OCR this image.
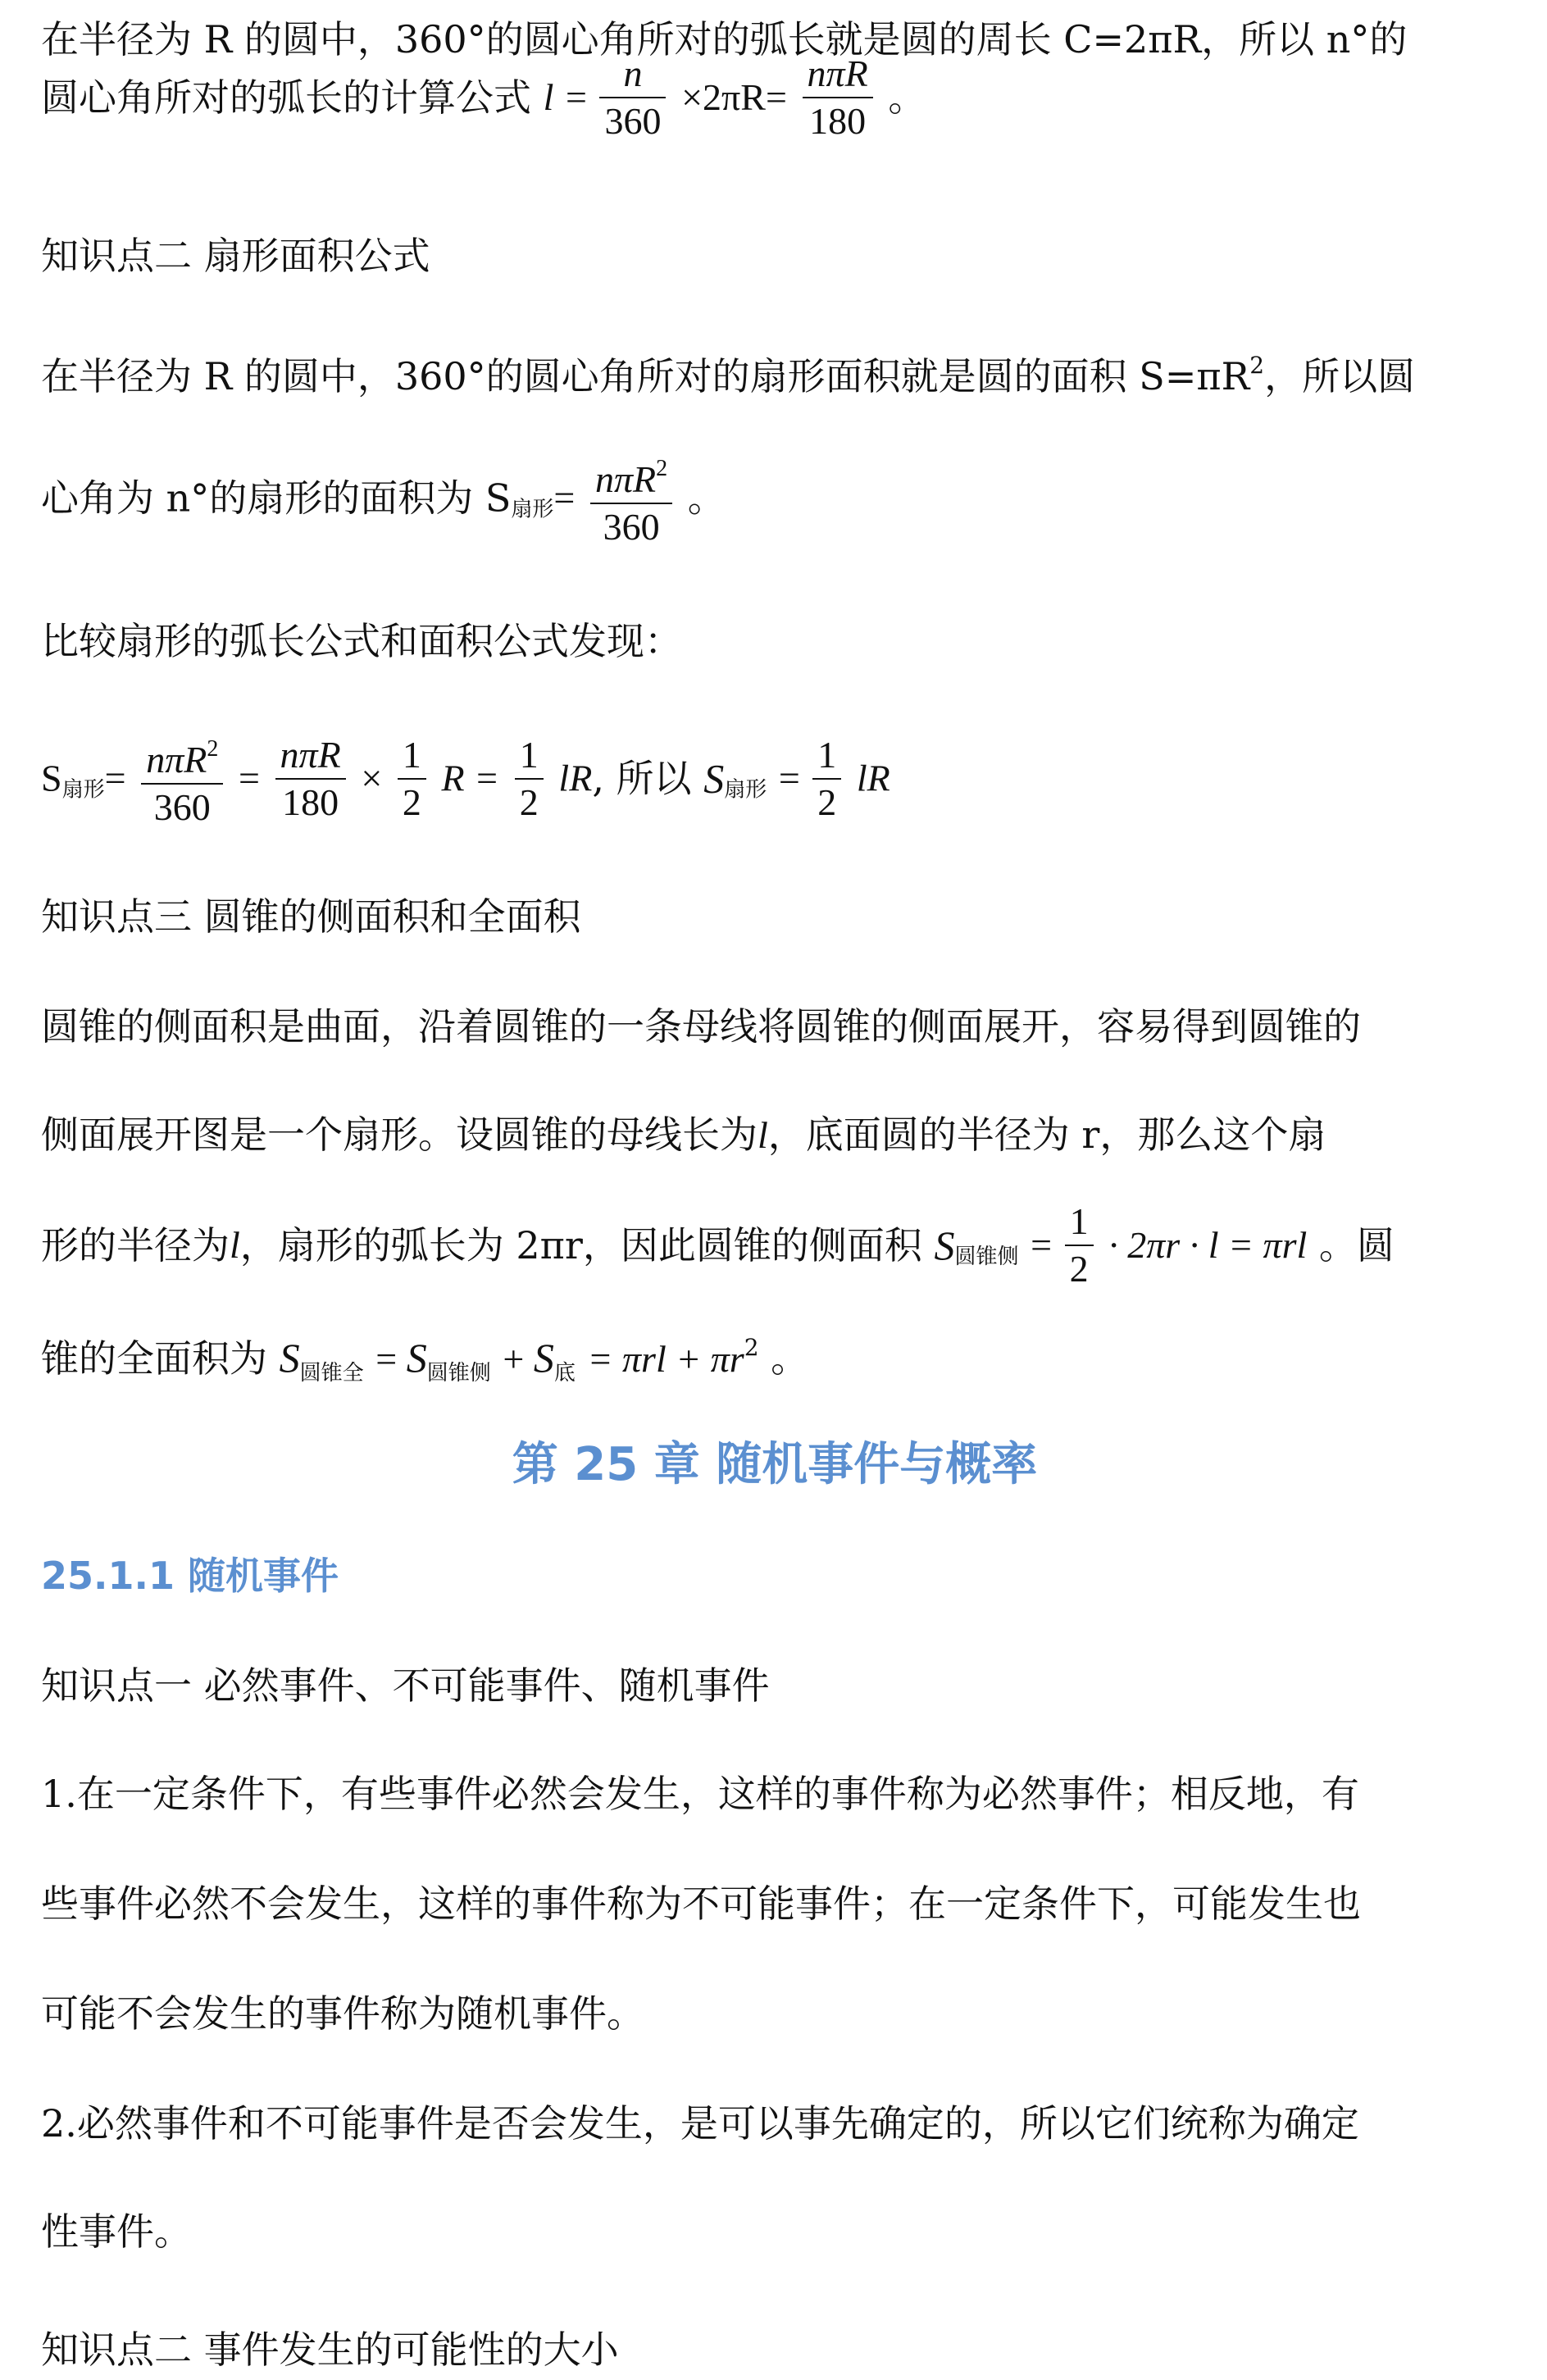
在半径为 R 的圆中，360°的圆心角所对的弧长就是圆的周长 C=2πR，所以 n°的
圆心角所对的弧长的计算公式 $l = \frac{n}{360} \times 2\pi R= \frac{\text{nπR}}{180}$ 。
知识点二 扇形面积公式
在半径为 R 的圆中，360°的圆心角所对的扇形面积就是圆的面积 $S=\pi R^2$，所以圆
心角为 n°的扇形的面积为 $S_{扇形}= \frac{n\pi R^2}{360}$ 。
比较扇形的弧长公式和面积公式发现：
$S_{扇形}= \frac{n\pi R^2}{360} = \frac{\text{nπR}}{180} \times \frac{1}{2}$ $R = \frac{1}{2}$ lR, 所以 $S_{扇形} = \frac{1}{2}$ lR
知识点三 圆锥的侧面积和全面积
圆锥的侧面积是曲面，沿着圆锥的一条母线将圆锥的侧面展开，容易得到圆锥的
侧面展开图是一个扇形。设圆锥的母线长为l，底面圆的半径为 r，那么这个扇
形的半径为l，扇形的弧长为 2πr，因此圆锥的侧面积 $S_{圆锥侧} = \frac{1}{2} \cdot 2\pi r \cdot l = \pi rl$ 。圆
锥的全面积为 $S_{圆锥全} = S_{圆锥侧} + S_底 = \pi rl + \pi r^2$ 。
第 25 章 随机事件与概率
25.1.1 随机事件
知识点一 必然事件、不可能事件、随机事件
1.在一定条件下，有些事件必然会发生，这样的事件称为必然事件；相反地，有
些事件必然不会发生，这样的事件称为不可能事件；在一定条件下，可能发生也
可能不会发生的事件称为随机事件。
2.必然事件和不可能事件是否会发生，是可以事先确定的，所以它们统称为确定
性事件。
知识点二 事件发生的可能性的大小
